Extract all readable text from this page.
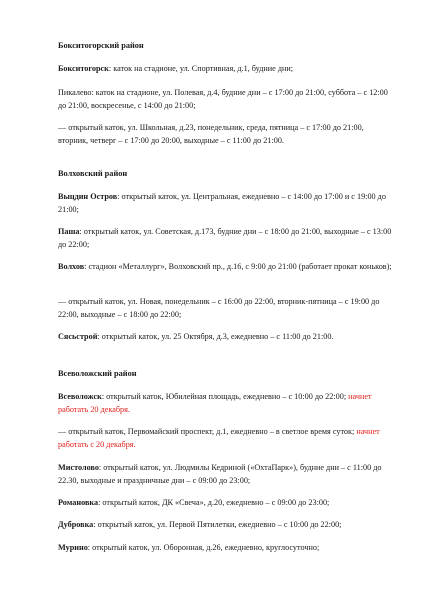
Бокситогорский район

Бокситогорск: каток на стадионе, ул. Спортивная, д.1, будние дни;

Пикалево: каток на стадионе, ул. Полевая, д.4, будние дни – с 17:00 до 21:00, суббота – с 12:00 до 21:00, воскресенье, с 14:00 до 21:00;

— открытый каток, ул. Школьная, д.23, понедельник, среда, пятница – с 17:00 до 21:00, вторник, четверг – с 17:00 до 20:00, выходные – с 11:00 до 21:00.

Волховский район

Выцдин Остров: открытый каток, ул. Центральная, ежедневно – с 14:00 до 17:00 и с 19:00 до 21:00;

Паша: открытый каток, ул. Советская, д.173, будние дни – с 18:00 до 21:00, выходные – с 13:00 до 22:00;

Волхов: стадион «Металлург», Волховский пр., д.16, с 9:00 до 21:00 (работает прокат коньков);

— открытый каток, ул. Новая, понедельник – с 16:00 до 22:00, вторник-пятница – с 19:00 до 22:00, выходные – с 18:00 до 22:00;

Сясьстрой: открытый каток, ул. 25 Октября, д.3, ежедневно – с 11:00 до 21:00.

Всеволожский район

Всеволожск: открытый каток, Юбилейная площадь, ежедневно – с 10:00 до 22:00; начнет работать 20 декабря.

— открытый каток, Первомайский проспект, д.1, ежедневно – в светлое время суток; начнет работать с 20 декабря.

Мистолово: открытый каток, ул. Людмилы Кедриной («ОхтаПарк»), будние дни – с 11:00 до 22.30, выходные и праздничные дни – с 09:00 до 23:00;

Романовка: открытый каток, ДК «Свеча», д.20, ежедневно – с 09:00 до 23:00;

Дубровка: открытый каток, ул. Первой Пятилетки, ежедневно – с 10:00 до 22:00;

Мурино: открытый каток, ул. Оборонная, д.26, ежедневно, круглосуточно;
